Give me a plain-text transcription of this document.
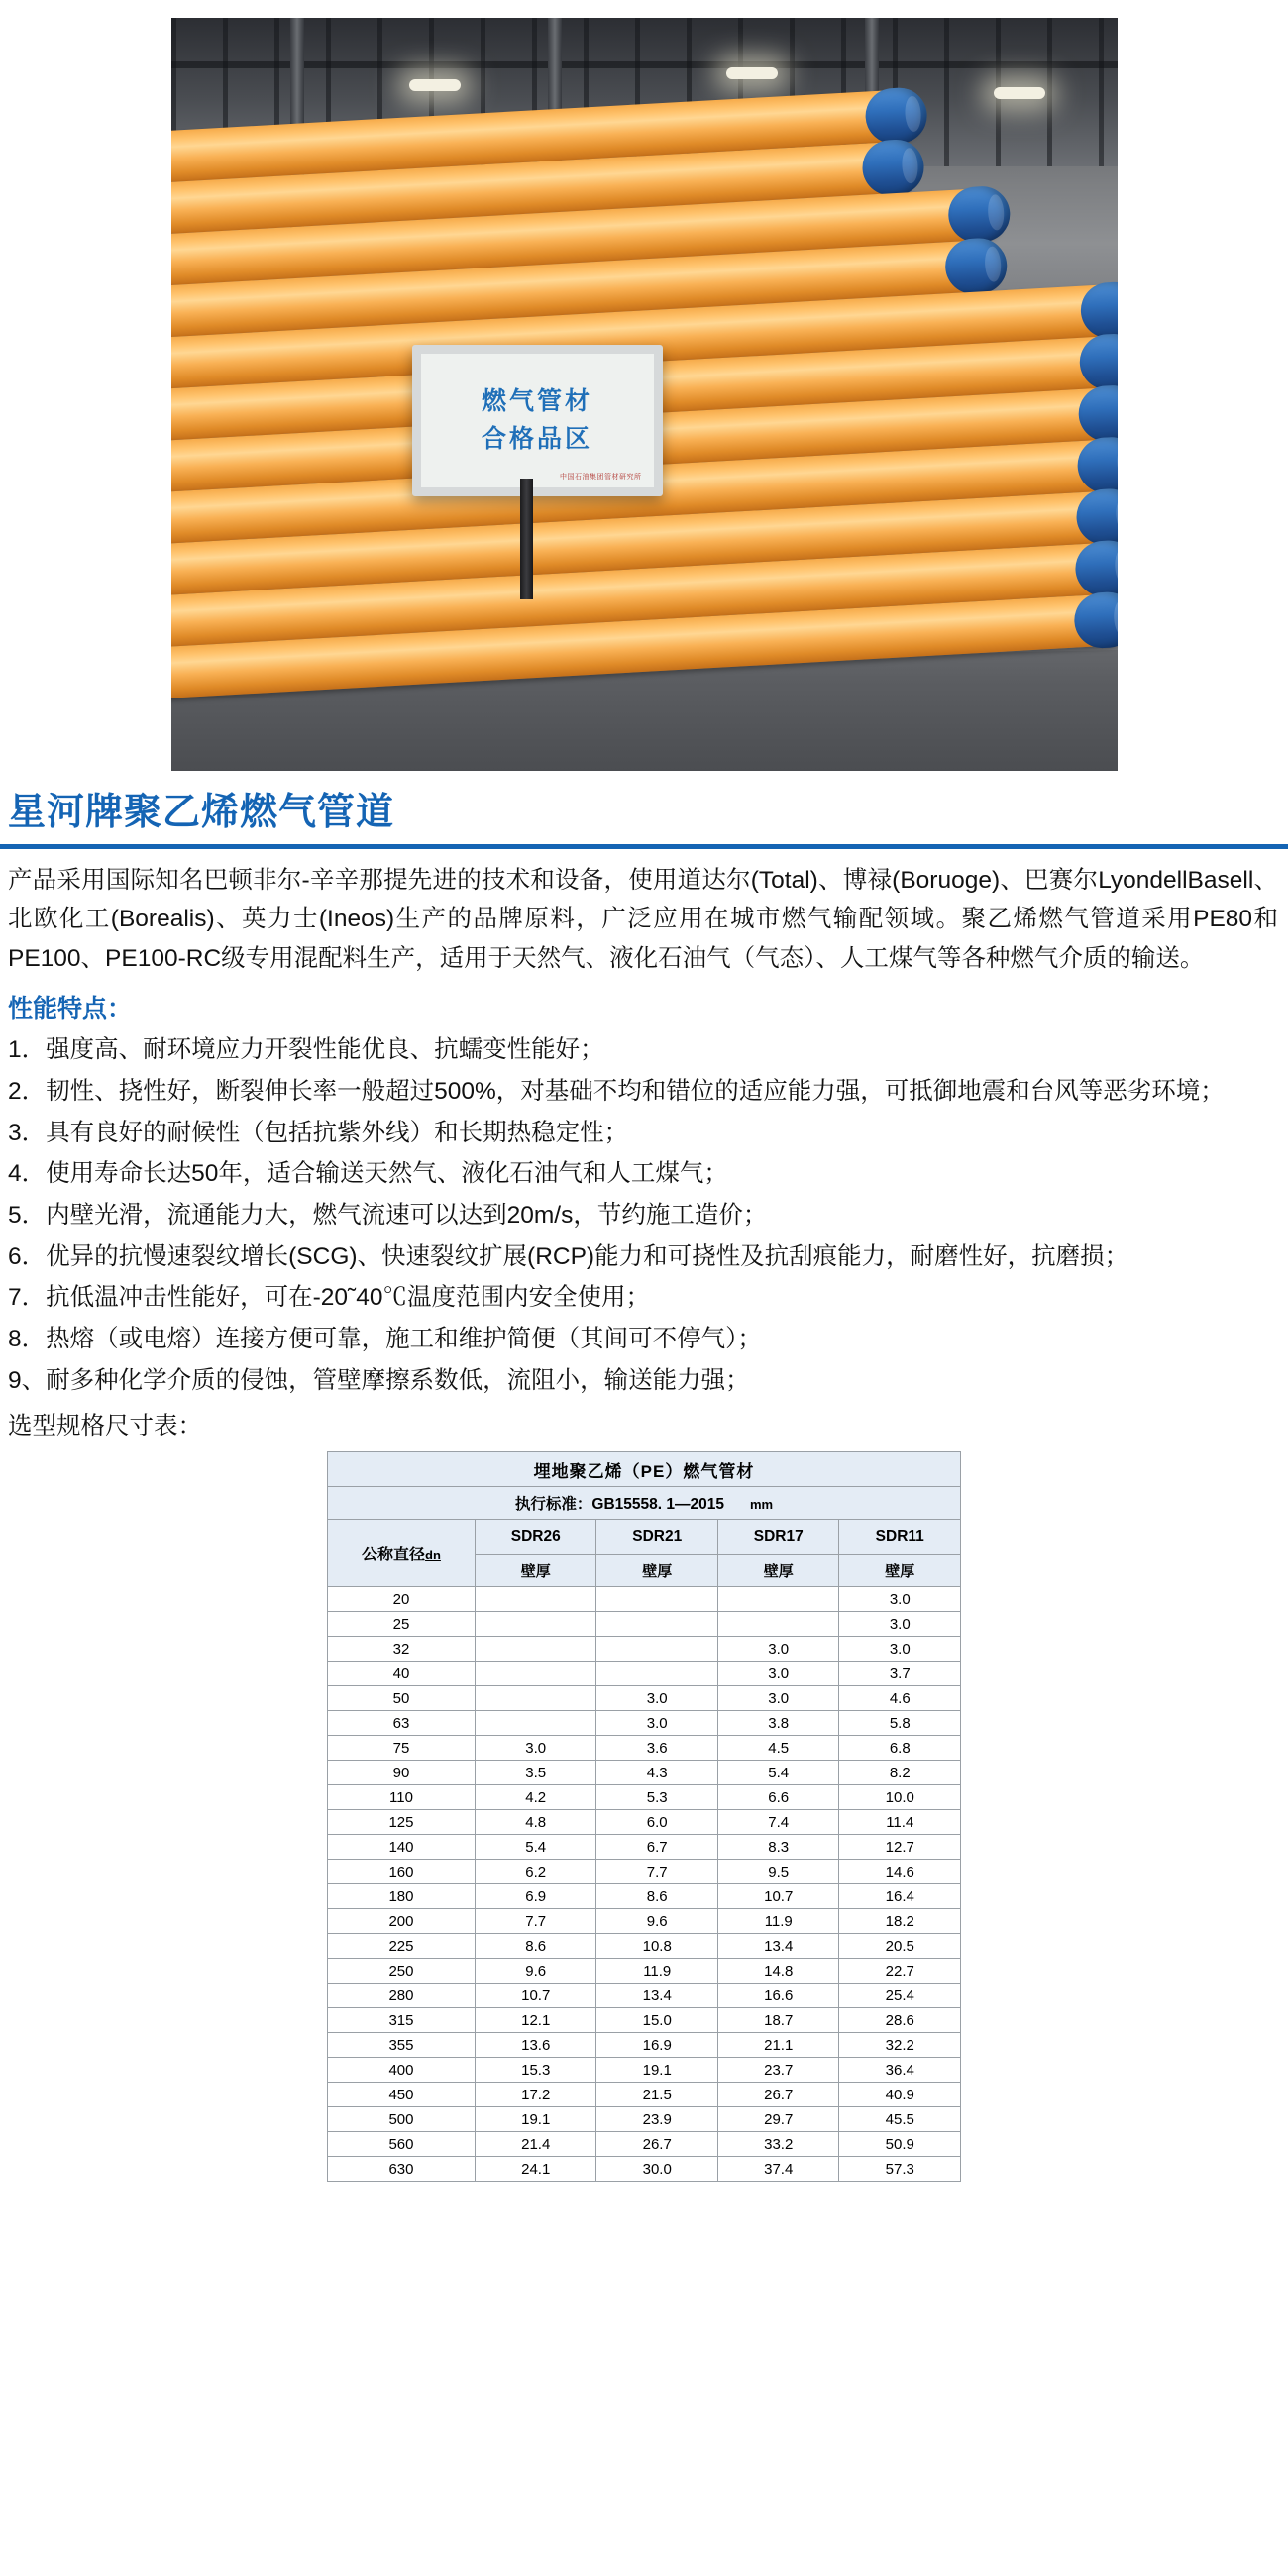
燃气管材
合格品区
中国石油集团管材研究所
星河牌聚乙烯燃气管道

产品采用国际知名巴顿非尔-辛辛那提先进的技术和设备，使用道达尔(Total)、博禄(Boruoge)、巴赛尔LyondellBasell、北欧化工(Borealis)、英力士(Ineos)生产的品牌原料，广泛应用在城市燃气输配领域。聚乙烯燃气管道采用PE80和PE100、PE100-RC级专用混配料生产，适用于天然气、液化石油气（气态）、人工煤气等各种燃气介质的输送。

性能特点：
1．强度高、耐环境应力开裂性能优良、抗蠕变性能好；
2．韧性、挠性好，断裂伸长率一般超过500%，对基础不均和错位的适应能力强，可抵御地震和台风等恶劣环境；
3．具有良好的耐候性（包括抗紫外线）和长期热稳定性；
4．使用寿命长达50年，适合输送天然气、液化石油气和人工煤气；
5．内壁光滑，流通能力大，燃气流速可以达到20m/s，节约施工造价；
6．优异的抗慢速裂纹增长(SCG)、快速裂纹扩展(RCP)能力和可挠性及抗刮痕能力，耐磨性好，抗磨损；
7．抗低温冲击性能好，可在-20˜40℃温度范围内安全使用；
8．热熔（或电熔）连接方便可靠，施工和维护简便（其间可不停气）；
9、耐多种化学介质的侵蚀，管壁摩擦系数低，流阻小，输送能力强；
选型规格尺寸表：
埋地聚乙烯（PE）燃气管材				
执行标准：GB15558. 1—2015 mm				
公称直径dn	SDR26	SDR21	SDR17	SDR11
	壁厚	壁厚	壁厚	壁厚
20				3.0
25				3.0
32			3.0	3.0
40			3.0	3.7
50		3.0	3.0	4.6
63		3.0	3.8	5.8
75	3.0	3.6	4.5	6.8
90	3.5	4.3	5.4	8.2
110	4.2	5.3	6.6	10.0
125	4.8	6.0	7.4	11.4
140	5.4	6.7	8.3	12.7
160	6.2	7.7	9.5	14.6
180	6.9	8.6	10.7	16.4
200	7.7	9.6	11.9	18.2
225	8.6	10.8	13.4	20.5
250	9.6	11.9	14.8	22.7
280	10.7	13.4	16.6	25.4
315	12.1	15.0	18.7	28.6
355	13.6	16.9	21.1	32.2
400	15.3	19.1	23.7	36.4
450	17.2	21.5	26.7	40.9
500	19.1	23.9	29.7	45.5
560	21.4	26.7	33.2	50.9
630	24.1	30.0	37.4	57.3
